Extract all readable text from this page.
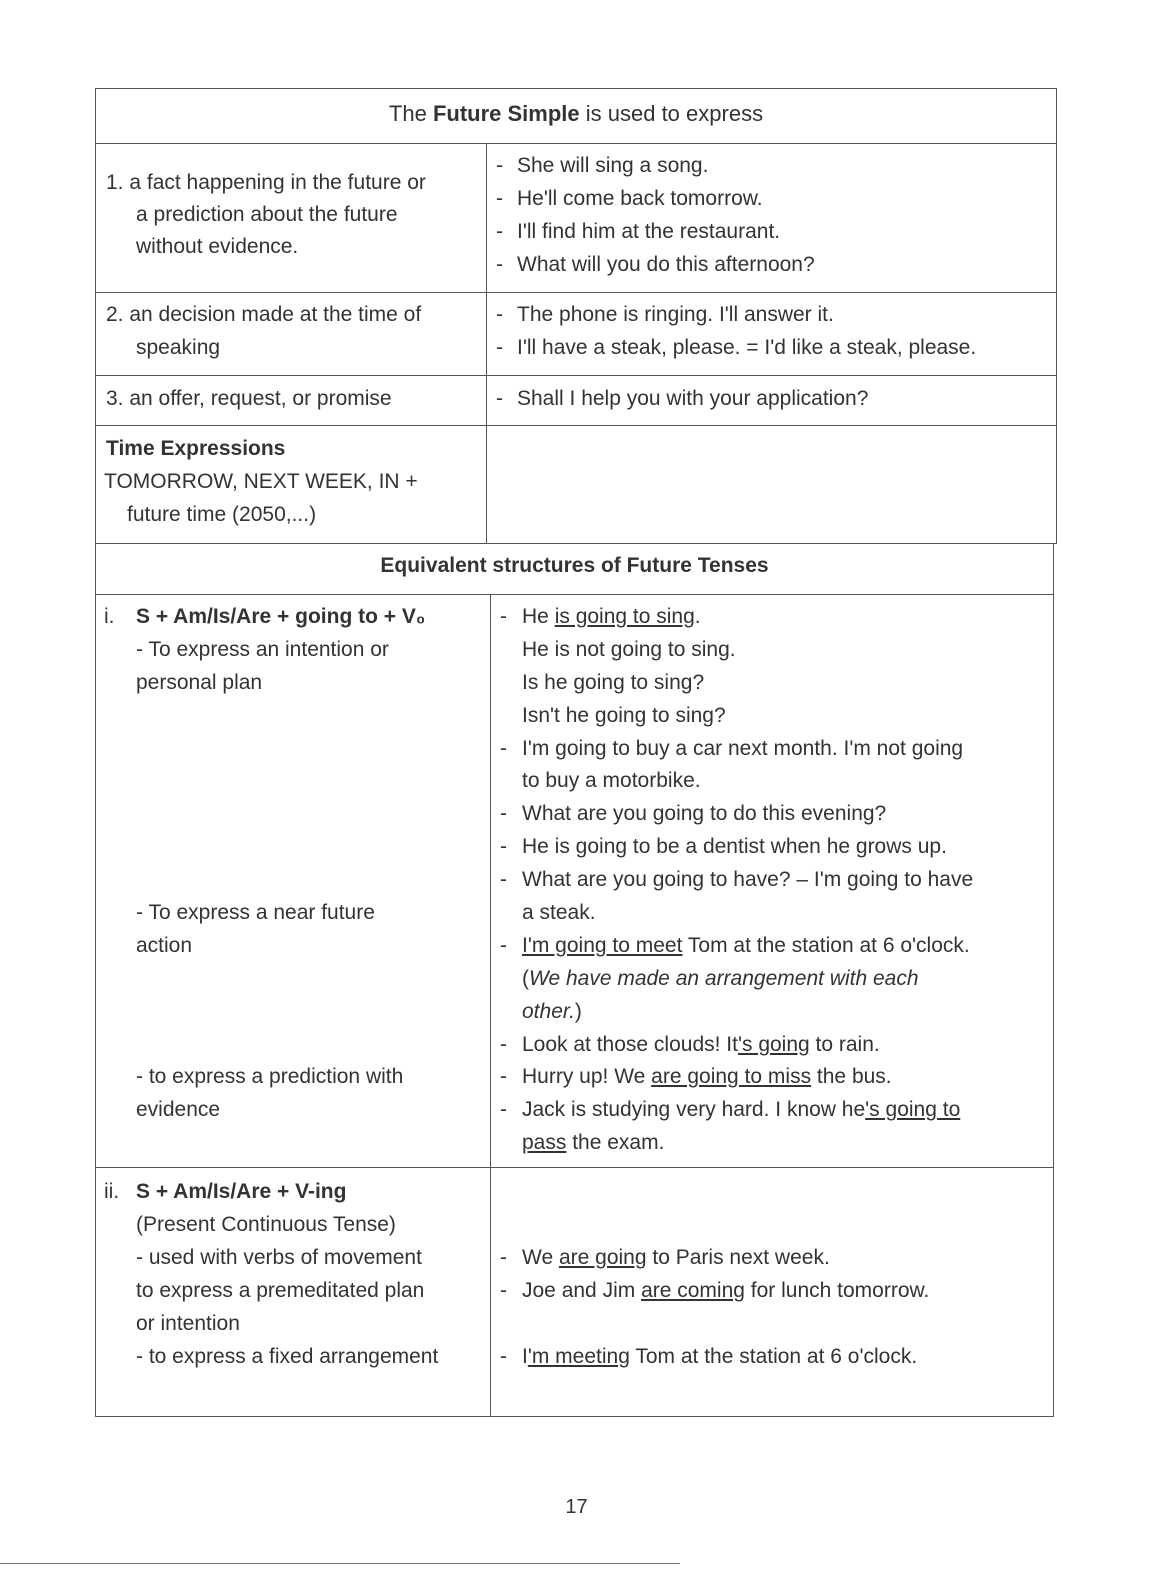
The Future Simple is used to express
1. a fact happening in the future or
a prediction about the future
without evidence.
- She will sing a song.
- He'll come back tomorrow.
- I'll find him at the restaurant.
- What will you do this afternoon?
2. an decision made at the time of
speaking
- The phone is ringing. I'll answer it.
- I'll have a steak, please. = I'd like a steak, please.
3. an offer, request, or promise	- Shall I help you with your application?
Time Expressions
TOMORROW, NEXT WEEK, IN +
future time (2050,...)
Equivalent structures of Future Tenses
i. S + Am/Is/Are + going to + V₀
- To express an intention or
personal plan
- To express a near future
action
- to express a prediction with
evidence
- He is going to sing.
He is not going to sing.
Is he going to sing?
Isn't he going to sing?
- I'm going to buy a car next month. I'm not going
to buy a motorbike.
- What are you going to do this evening?
- He is going to be a dentist when he grows up.
- What are you going to have? – I'm going to have
a steak.
- I'm going to meet Tom at the station at 6 o'clock.
(We have made an arrangement with each
other.)
- Look at those clouds! It's going to rain.
- Hurry up! We are going to miss the bus.
- Jack is studying very hard. I know he's going to
pass the exam.
ii. S + Am/Is/Are + V-ing
(Present Continuous Tense)
- used with verbs of movement
to express a premeditated plan
or intention
- to express a fixed arrangement
- We are going to Paris next week.
- Joe and Jim are coming for lunch tomorrow.
- I'm meeting Tom at the station at 6 o'clock.
17
